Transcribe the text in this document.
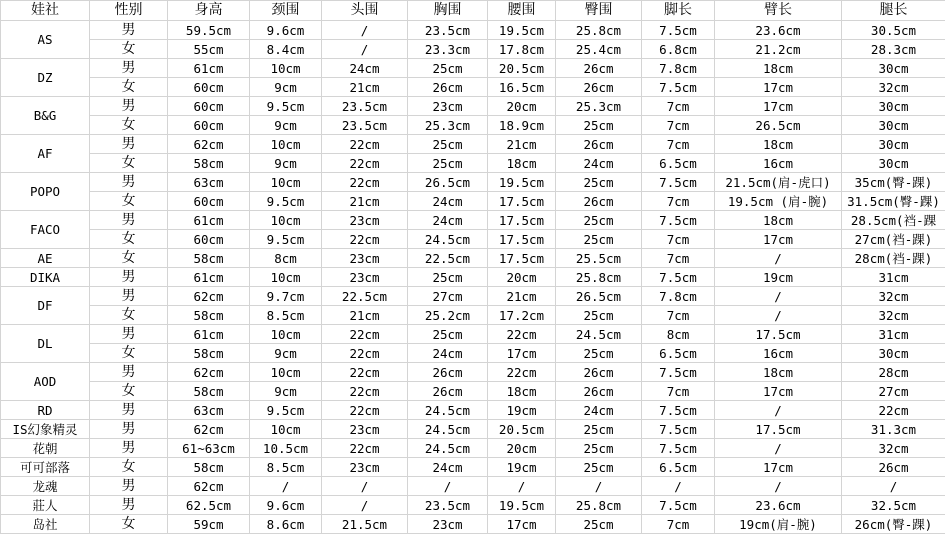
娃社	性别	身高	颈围	头围	胸围	腰围	臀围	脚长	臂长	腿长
AS	男	59.5cm	9.6cm	/	23.5cm	19.5cm	25.8cm	7.5cm	23.6cm	30.5cm
	女	55cm	8.4cm	/	23.3cm	17.8cm	25.4cm	6.8cm	21.2cm	28.3cm
DZ	男	61cm	10cm	24cm	25cm	20.5cm	26cm	7.8cm	18cm	30cm
	女	60cm	9cm	21cm	26cm	16.5cm	26cm	7.5cm	17cm	32cm
B&G	男	60cm	9.5cm	23.5cm	23cm	20cm	25.3cm	7cm	17cm	30cm
	女	60cm	9cm	23.5cm	25.3cm	18.9cm	25cm	7cm	26.5cm	30cm
AF	男	62cm	10cm	22cm	25cm	21cm	26cm	7cm	18cm	30cm
	女	58cm	9cm	22cm	25cm	18cm	24cm	6.5cm	16cm	30cm
POPO	男	63cm	10cm	22cm	26.5cm	19.5cm	25cm	7.5cm	21.5cm(肩-虎口)	35cm(臀-踝)
	女	60cm	9.5cm	21cm	24cm	17.5cm	26cm	7cm	19.5cm (肩-腕)	31.5cm(臀-踝)
FACO	男	61cm	10cm	23cm	24cm	17.5cm	25cm	7.5cm	18cm	28.5cm(裆-踝
	女	60cm	9.5cm	22cm	24.5cm	17.5cm	25cm	7cm	17cm	27cm(裆-踝)
AE	女	58cm	8cm	23cm	22.5cm	17.5cm	25.5cm	7cm	/	28cm(裆-踝)
DIKA	男	61cm	10cm	23cm	25cm	20cm	25.8cm	7.5cm	19cm	31cm
DF	男	62cm	9.7cm	22.5cm	27cm	21cm	26.5cm	7.8cm	/	32cm
	女	58cm	8.5cm	21cm	25.2cm	17.2cm	25cm	7cm	/	32cm
DL	男	61cm	10cm	22cm	25cm	22cm	24.5cm	8cm	17.5cm	31cm
	女	58cm	9cm	22cm	24cm	17cm	25cm	6.5cm	16cm	30cm
AOD	男	62cm	10cm	22cm	26cm	22cm	26cm	7.5cm	18cm	28cm
	女	58cm	9cm	22cm	26cm	18cm	26cm	7cm	17cm	27cm
RD	男	63cm	9.5cm	22cm	24.5cm	19cm	24cm	7.5cm	/	22cm
IS幻象精灵	男	62cm	10cm	23cm	24.5cm	20.5cm	25cm	7.5cm	17.5cm	31.3cm
花朝	男	61~63cm	10.5cm	22cm	24.5cm	20cm	25cm	7.5cm	/	32cm
可可部落	女	58cm	8.5cm	23cm	24cm	19cm	25cm	6.5cm	17cm	26cm
龙魂	男	62cm	/	/	/	/	/	/	/	/
莊人	男	62.5cm	9.6cm	/	23.5cm	19.5cm	25.8cm	7.5cm	23.6cm	32.5cm
岛社	女	59cm	8.6cm	21.5cm	23cm	17cm	25cm	7cm	19cm(肩-腕)	26cm(臀-踝)
